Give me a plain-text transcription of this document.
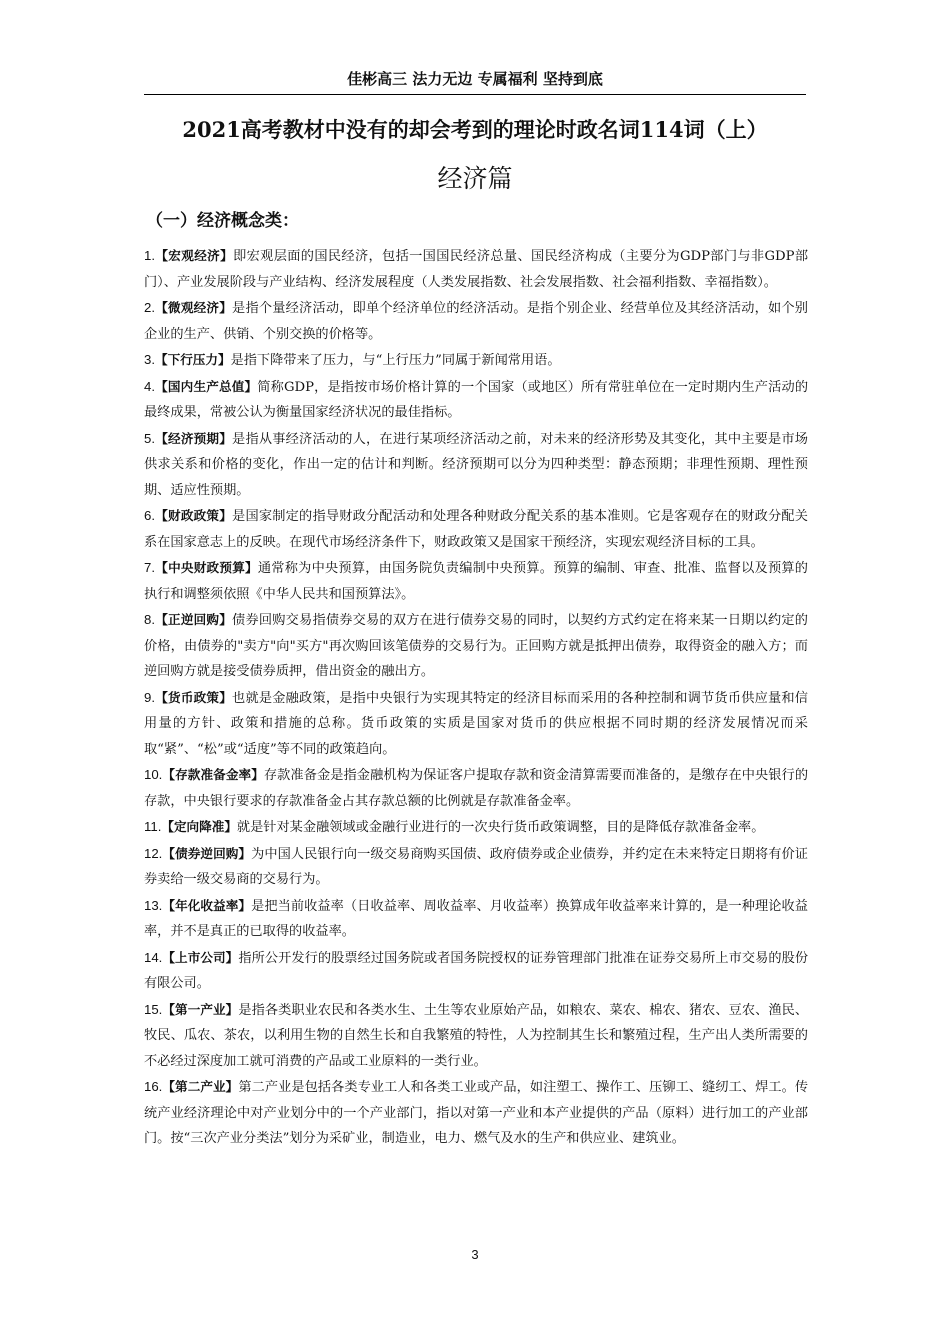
佳彬高三 法力无边 专属福利 坚持到底
2021高考教材中没有的却会考到的理论时政名词114词（上）
经济篇
（一）经济概念类：

1.【宏观经济】即宏观层面的国民经济，包括一国国民经济总量、国民经济构成（主要分为GDP部门与非GDP部门）、产业发展阶段与产业结构、经济发展程度（人类发展指数、社会发展指数、社会福利指数、幸福指数）。

2.【微观经济】是指个量经济活动，即单个经济单位的经济活动。是指个别企业、经营单位及其经济活动，如个别企业的生产、供销、个别交换的价格等。

3.【下行压力】是指下降带来了压力，与“上行压力”同属于新闻常用语。

4.【国内生产总值】简称GDP，是指按市场价格计算的一个国家（或地区）所有常驻单位在一定时期内生产活动的最终成果，常被公认为衡量国家经济状况的最佳指标。

5.【经济预期】是指从事经济活动的人，在进行某项经济活动之前，对未来的经济形势及其变化，其中主要是市场供求关系和价格的变化，作出一定的估计和判断。经济预期可以分为四种类型：静态预期；非理性预期、理性预期、适应性预期。

6.【财政政策】是国家制定的指导财政分配活动和处理各种财政分配关系的基本准则。它是客观存在的财政分配关系在国家意志上的反映。在现代市场经济条件下，财政政策又是国家干预经济，实现宏观经济目标的工具。

7.【中央财政预算】通常称为中央预算，由国务院负责编制中央预算。预算的编制、审查、批准、监督以及预算的执行和调整须依照《中华人民共和国预算法》。

8.【正逆回购】债券回购交易指债券交易的双方在进行债券交易的同时，以契约方式约定在将来某一日期以约定的价格，由债券的"卖方"向"买方"再次购回该笔债券的交易行为。正回购方就是抵押出债券，取得资金的融入方；而逆回购方就是接受债券质押，借出资金的融出方。

9.【货币政策】也就是金融政策，是指中央银行为实现其特定的经济目标而采用的各种控制和调节货币供应量和信用量的方针、政策和措施的总称。货币政策的实质是国家对货币的供应根据不同时期的经济发展情况而采取“紧”、“松”或“适度”等不同的政策趋向。

10.【存款准备金率】存款准备金是指金融机构为保证客户提取存款和资金清算需要而准备的，是缴存在中央银行的存款，中央银行要求的存款准备金占其存款总额的比例就是存款准备金率。

11.【定向降准】就是针对某金融领域或金融行业进行的一次央行货币政策调整，目的是降低存款准备金率。

12.【债券逆回购】为中国人民银行向一级交易商购买国债、政府债券或企业债券，并约定在未来特定日期将有价证券卖给一级交易商的交易行为。

13.【年化收益率】是把当前收益率（日收益率、周收益率、月收益率）换算成年收益率来计算的，是一种理论收益率，并不是真正的已取得的收益率。

14.【上市公司】指所公开发行的股票经过国务院或者国务院授权的证券管理部门批准在证券交易所上市交易的股份有限公司。

15.【第一产业】是指各类职业农民和各类水生、土生等农业原始产品，如粮农、菜农、棉农、猪农、豆农、渔民、牧民、瓜农、茶农，以利用生物的自然生长和自我繁殖的特性，人为控制其生长和繁殖过程，生产出人类所需要的不必经过深度加工就可消费的产品或工业原料的一类行业。

16.【第二产业】第二产业是包括各类专业工人和各类工业或产品，如注塑工、操作工、压铆工、缝纫工、焊工。传统产业经济理论中对产业划分中的一个产业部门，指以对第一产业和本产业提供的产品（原料）进行加工的产业部门。按“三次产业分类法”划分为采矿业，制造业，电力、燃气及水的生产和供应业、建筑业。

3
